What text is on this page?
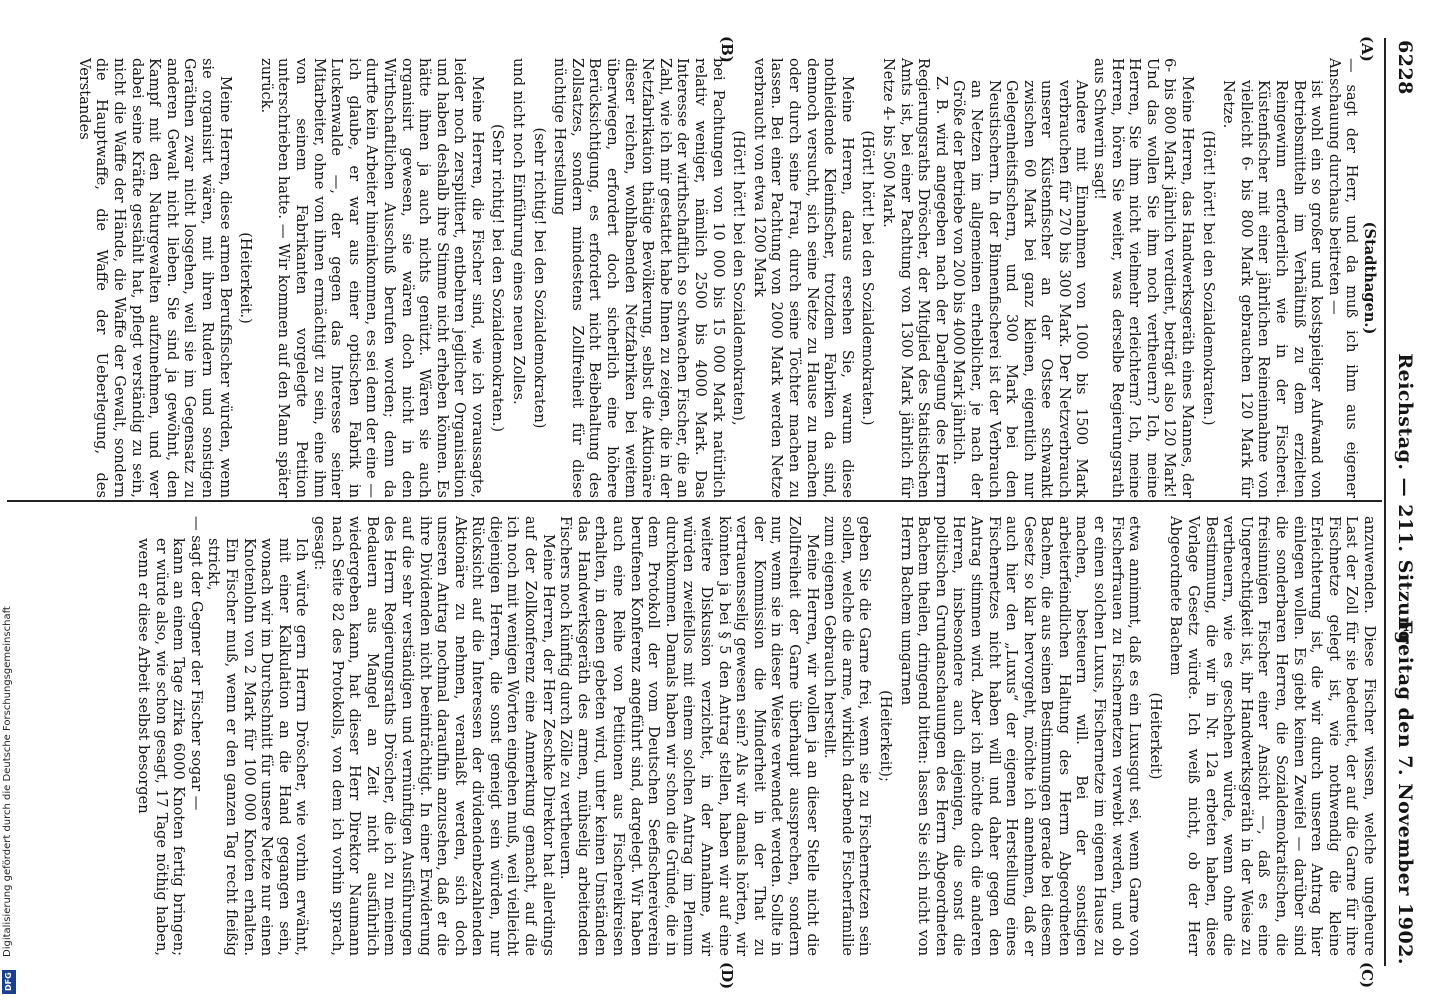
6228
Reichstag. — 211. Sitzung.
Freitag den 7. November 1902.
(A)
(B)
(C)
(D)

(Stadthagen.)

— sagt der Herr, und da muß ich ihm aus eigener Anschauung durchaus beitreten —

ist wohl ein so großer und kostspieliger Aufwand von Betriebsmitteln im Verhältniß zu dem erzielten Reingewinn erforderlich wie in der Fischerei. Küstenfischer mit einer jährlichen Reineinnahme von vielleicht 6- bis 800 Mark gebrauchen 120 Mark für Netze.

(Hört! hört! bei den Sozialdemokraten.)

Meine Herren, das Handwerksgeräth eines Mannes, der 6- bis 800 Mark jährlich verdient, beträgt also 120 Mark! Und das wollen Sie ihm noch vertheuern? Ich, meine Herren, Sie ihm nicht vielmehr erleichtern? Ich, meine Herren, hören Sie weiter, was derselbe Regierungsrath aus Schwerin sagt!

Andere mit Einnahmen von 1000 bis 1500 Mark verbrauchen für 270 bis 300 Mark. Der Netzverbrauch unserer Küstenfischer an der Ostsee schwankt zwischen 60 Mark bei ganz kleinen, eigentlich nur Gelegenheitsfischern, und 300 Mark bei den Neustischern. In der Binnenfischerei ist der Verbrauch an Netzen im allgemeinen erheblicher, je nach der Größe der Betriebe von 200 bis 4000 Mark jährlich.

Z. B. wird angegeben nach der Darlegung des Herrn Regierungsraths Dröscher, der Mitglied des Statistischen Amts ist, bei einer Pachtung von 1300 Mark jährlich für Netze 4- bis 500 Mark.

(Hört! hört! bei den Sozialdemokraten.)

Meine Herren, daraus ersehen Sie, warum diese nothleidende Kleinfischer, trotzdem Fabriken da sind, dennoch versucht, sich seine Netze zu Hause zu machen oder durch seine Frau, durch seine Töchter machen zu lassen. Bei einer Pachtung von 2000 Mark werden Netze verbraucht von etwa 1200 Mark

(Hört! hört! bei den Sozialdemokraten),

bei Pachtungen von 10 000 bis 15 000 Mark natürlich relativ weniger, nämlich 2500 bis 4000 Mark. Das Interesse der wirthschaftlich so schwachen Fischer, die an Zahl, wie ich mir gestattet habe Ihnen zu zeigen, die in der Netzfabrikation thätige Bevölkerung, selbst die Aktionäre dieser reichen, wohlhabenden Netzfabriken bei weitem überwiegen, erfordert doch sicherlich eine höhere Berücksichtigung, es erfordert nicht Beibehaltung des Zollsatzes, sondern mindestens Zollfreiheit für diese nüchtige Herstellung

(sehr richtig! bei den Sozialdemokraten)

und nicht noch Einführung eines neuen Zolles.

(Sehr richtig! bei den Sozialdemokraten.)

Meine Herren, die Fischer sind, wie ich voraussagte, leider noch zersplittert, entbehren jeglicher Organisation und haben deshalb ihre Stimme nicht erheben können. Es hätte ihnen ja auch nichts genützt. Wären sie auch organisirt gewesen, sie wären doch nicht in den Wirthschaftlichen Ausschuß berufen worden; denn da durfte kein Arbeiter hineinkommen, es sei denn der eine — ich glaube, er war aus einer optischen Fabrik in Luckenwalde —, der gegen das Interesse seiner Mitarbeiter, ohne von ihnen ermächtigt zu sein, eine ihm von seinem Fabrikanten vorgelegte Petition unterschrieben hatte. — Wir kommen auf den Mann später zurück.

(Heiterkeit.)

Meine Herren, diese armen Berufsfischer würden, wenn sie organisirt wären, mit ihren Rudern und sonstigen Geräthen zwar nicht losgehen, weil sie im Gegensatz zu anderen Gewalt nicht lieben. Sie sind ja gewöhnt, den Kampf mit den Naturgewalten aufzunehmen, und wer dabei seine Kräfte gestählt hat, pflegt verständig zu sein, nicht die Waffe der Hände, die Waffe der Gewalt, sondern die Hauptwaffe, die Waffe der Ueberlegung, des Verstandes

anzuwenden. Diese Fischer wissen, welche ungeheure Last der Zoll für sie bedeutet, der auf die Garne für ihre Fischnetze gelegt ist, wie nothwendig die kleine Erleichterung ist, die wir durch unseren Antrag hier einlegen wollen. Es giebt keinen Zweifel — darüber sind die sonderbaren Herren, die Sozialdemokratischen, die freisinnigen Fischer einer Ansicht —, daß es eine Ungerechtigkeit ist, ihr Handwerksgeräth in der Weise zu vertheuern, wie es geschehen würde, wenn ohne die Bestimmung, die wir in Nr. 12a erbeten haben, diese Vorlage Gesetz würde. Ich weiß nicht, ob der Herr Abgeordnete Bachem

(Heiterkeit)

etwa annimmt, daß es ein Luxusgut sei, wenn Garne von Fischerfrauen zu Fischernetzen verwebt werden, und ob er einen solchen Luxus, Fischernetze im eigenen Hause zu machen, besteuern will. Bei der sonstigen arbeiterfeindlichen Haltung des Herrn Abgeordneten Bachem, die aus seinen Bestimmungen gerade bei diesem Gesetz so klar hervorgeht, möchte ich annehmen, daß er auch hier den „Luxus“ der eigenen Herstellung eines Fischernetzes nicht haben will und daher gegen den Antrag stimmen wird. Aber ich möchte doch die anderen Herren, insbesondere auch diejenigen, die sonst die politischen Grundanschauungen des Herrn Abgeordneten Bachem theilen, dringend bitten: lassen Sie sich nicht von Herrn Bachem umgarnen

(Heiterkeit);

geben Sie die Garne frei, wenn sie zu Fischernetzen sein sollen, welche die arme, wirklich darbende Fischerfamilie zum eigenen Gebrauch herstellt.

Meine Herren, wir wollen ja an dieser Stelle nicht die Zollfreiheit der Garne überhaupt aussprechen, sondern nur, wenn sie in dieser Weise verwendet werden. Sollte in der Kommission die Minderheit in der That zu vertrauensselig gewesen sein? Als wir damals hörten, wir könnten ja bei § 5 den Antrag stellen, haben wir auf eine weitere Diskussion verzichtet, in der Annahme, wir würden zweifellos mit einem solchen Antrag im Plenum durchkommen. Damals haben wir schon die Gründe, die in dem Protokoll der vom Deutschen Seefischereiverein berufenen Konferenz angeführt sind, dargelegt. Wir haben auch eine Reihe von Petitionen aus Fischereikreisen erhalten, in denen gebeten wird, unter keinen Umständen das Handwerksgeräth des armen, mühselig arbeitenden Fischers noch künftig durch Zölle zu vertheuern.

Meine Herren, der Herr Zeschke Direktor hat allerdings auf der Zollkonferenz eine Anmerkung gemacht, auf die ich noch mit wenigen Worten eingehen muß, weil vielleicht diejenigen Herren, die sonst geneigt sein würden, nur Rücksicht auf die Interessen der dividendenbezahlenden Aktionäre zu nehmen, veranlaßt werden, sich doch unseren Antrag nochmal daraufhin anzusehen, daß er die ihre Dividenden nicht beeinträchtigt. In einer Erwiderung auf die sehr verständigen und vernünftigen Ausführungen des Herrn Regierungsraths Dröscher, die ich zu meinem Bedauern aus Mangel an Zeit nicht ausführlich wiedergeben kann, hat dieser Herr Direktor Naumann nach Seite 82 des Protokolls, von dem ich vorhin sprach, gesagt:

Ich würde gern Herrn Dröscher, wie vorhin erwähnt, mit einer Kalkulation an die Hand gegangen sein, wonach wir im Durchschnitt für unsere Netze nur einen Knotenlohn von 2 Mark für 100 000 Knoten erhalten. Ein Fischer muß, wenn er den ganzen Tag recht fleißig strickt,

— sagt der Gegner der Fischer sogar —

kann an einem Tage zirka 6000 Knoten fertig bringen; er würde also, wie schon gesagt, 17 Tage nöthig haben, wenn er diese Arbeit selbst besorgen

Digitalisierung gefördert durch die Deutsche Forschungsgemeinschaft
DFG
